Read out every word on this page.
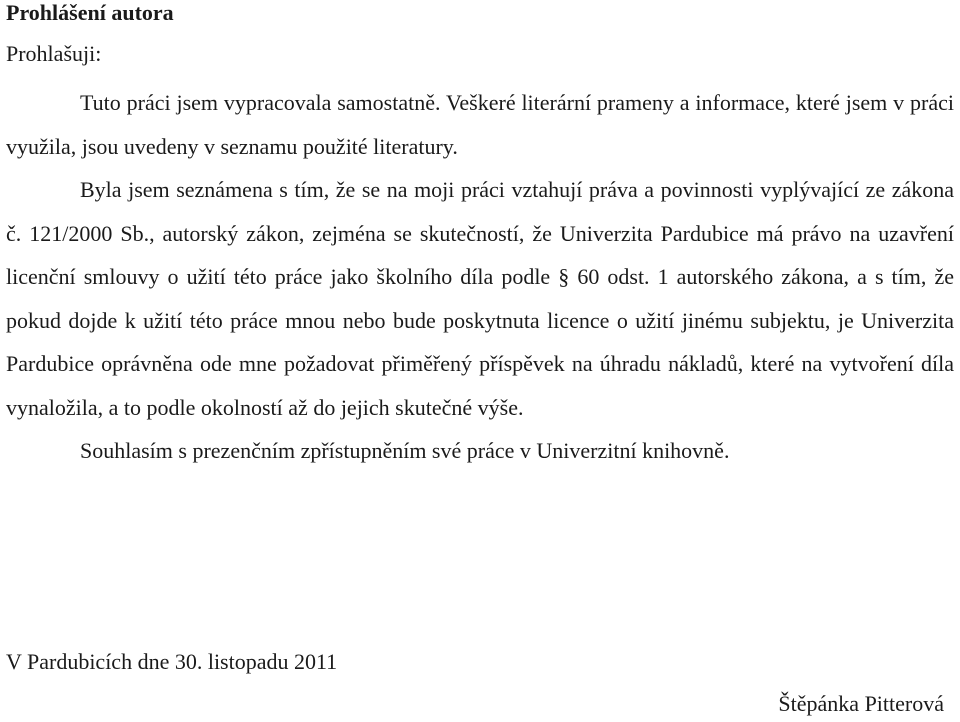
Prohlášení autora

Prohlašuji:

Tuto práci jsem vypracovala samostatně. Veškeré literární prameny a informace, které jsem v práci využila, jsou uvedeny v seznamu použité literatury.

Byla jsem seznámena s tím, že se na moji práci vztahují práva a povinnosti vyplývající ze zákona č. 121/2000 Sb., autorský zákon, zejména se skutečností, že Univerzita Pardubice má právo na uzavření licenční smlouvy o užití této práce jako školního díla podle § 60 odst. 1 autorského zákona, a s tím, že pokud dojde k užití této práce mnou nebo bude poskytnuta licence o užití jinému subjektu, je Univerzita Pardubice oprávněna ode mne požadovat přiměřený příspěvek na úhradu nákladů, které na vytvoření díla vynaložila, a to podle okolností až do jejich skutečné výše.

Souhlasím s prezenčním zpřístupněním své práce v Univerzitní knihovně.

V Pardubicích dne 30. listopadu 2011

Štěpánka Pitterová
